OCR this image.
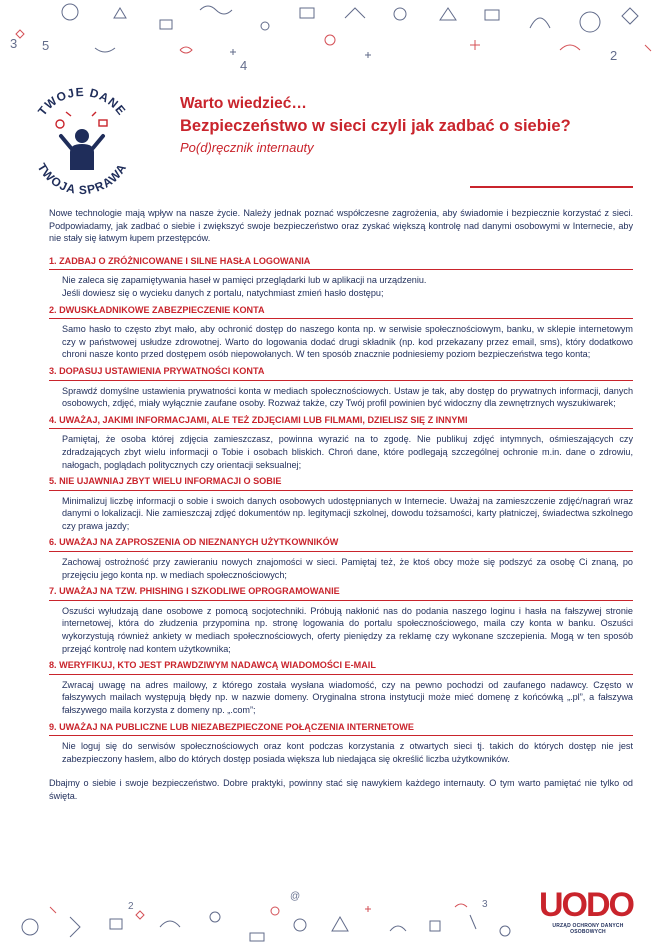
5
3
4
2
TWOJE DANE
TWOJA SPRAWA

Warto wiedzieć…

Bezpieczeństwo w sieci czyli jak zadbać o siebie?

Po(d)ręcznik internauty

Nowe technologie mają wpływ na nasze życie. Należy jednak poznać współczesne zagrożenia, aby świadomie i bezpiecznie korzystać z sieci. Podpowiadamy, jak zadbać o siebie i zwiększyć swoje bezpieczeństwo oraz zyskać większą kontrolę nad danymi osobowymi w Internecie, aby nie stały się łatwym łupem przestępców.

1. ZADBAJ O ZRÓŻNICOWANE I SILNE HASŁA LOGOWANIA

Nie zalecа się zapamiętywania haseł w pamięci przeglądarki lub w aplikacji na urządzeniu.
Jeśli dowiesz się o wycieku danych z portalu, natychmiast zmień hasło dostępu;

2. DWUSKŁADNIKOWE ZABEZPIECZENIE KONTA

Samo hasło to często zbyt mało, aby ochronić dostęp do naszego konta np. w serwisie społecznościowym, banku, w sklepie internetowym czy w państwowej usłudze zdrowotnej. Warto do logowania dodać drugi składnik (np. kod przekazany przez email, sms), który dodatkowo chroni nasze konto przed dostępem osób niepowołanych. W ten sposób znacznie podniesiemy poziom bezpieczeństwa tego konta;

3. DOPASUJ USTAWIENIA PRYWATNOŚCI KONTA

Sprawdź domyślne ustawienia prywatności konta w mediach społecznościowych. Ustaw je tak, aby dostęp do prywatnych informacji, danych osobowych, zdjęć, miały wyłącznie zaufane osoby. Rozważ także, czy Twój profil powinien być widoczny dla zewnętrznych wyszukiwarek;

4. UWAŻAJ, JAKIMI INFORMACJAMI, ALE TEŻ ZDJĘCIAMI LUB FILMAMI, DZIELISZ SIĘ Z INNYMI

Pamiętaj, że osoba której zdjęcia zamieszczasz, powinna wyrazić na to zgodę. Nie publikuj zdjęć intymnych, ośmieszających czy zdradzających zbyt wielu informacji o Tobie i osobach bliskich. Chroń dane, które podlegają szczególnej ochronie m.in. dane o zdrowiu, nałogach, poglądach politycznych czy orientacji seksualnej;

5. NIE UJAWNIAJ ZBYT WIELU INFORMACJI O SOBIE

Minimalizuj liczbę informacji o sobie i swoich danych osobowych udostępnianych w Internecie. Uważaj na zamieszczenie zdjęć/nagrań wraz danymi o lokalizacji. Nie zamieszczaj zdjęć dokumentów np. legitymacji szkolnej, dowodu tożsamości, karty płatniczej, świadectwa szkolnego czy prawa jazdy;

6. UWAŻAJ NA ZAPROSZENIA OD NIEZNANYCH UŻYTKOWNIKÓW

Zachowaj ostrożność przy zawieraniu nowych znajomości w sieci. Pamiętaj też, że ktoś obcy może się podszyć za osobę Ci znaną, po przejęciu jego konta np. w mediach społecznościowych;

7. UWAŻAJ NA TZW. PHISHING I SZKODLIWE OPROGRAMOWANIE

Oszuści wyłudzają dane osobowe z pomocą socjotechniki. Próbują nakłonić nas do podania naszego loginu i hasła na fałszywej stronie internetowej, która do złudzenia przypomina np. stronę logowania do portalu społecznościowego, maila czy konta w banku. Oszuści wykorzystują również ankiety w mediach społecznościowych, oferty pieniędzy za reklamę czy wykonane szczepienia. Mogą w ten sposób przejąć kontrolę nad kontem użytkownika;

8. WERYFIKUJ, KTO JEST PRAWDZIWYM NADAWCĄ WIADOMOŚCI E-MAIL

Zwracaj uwagę na adres mailowy, z którego została wysłana wiadomość, czy na pewno pochodzi od zaufanego nadawcy. Często w fałszywych mailach występują błędy np. w nazwie domeny. Oryginalna strona instytucji może mieć domenę z końcówką „.pl”, a fałszywa fałszywego maila korzysta z domeny np. „.com”;

9. UWAŻAJ NA PUBLICZNE LUB NIEZABEZPIECZONE POŁĄCZENIA INTERNETOWE

Nie loguj się do serwisów społecznościowych oraz kont podczas korzystania z otwartych sieci tj. takich do których dostęp nie jest zabezpieczony hasłem, albo do których dostęp posiada większa lub niedająca się określić liczba użytkowników.

Dbajmy o siebie i swoje bezpieczeństwo. Dobre praktyki, powinny stać się nawykiem każdego internauty. O tym warto pamiętać nie tylko od święta.

2
@
3 UODO
URZĄD OCHRONY DANYCH OSOBOWYCH
